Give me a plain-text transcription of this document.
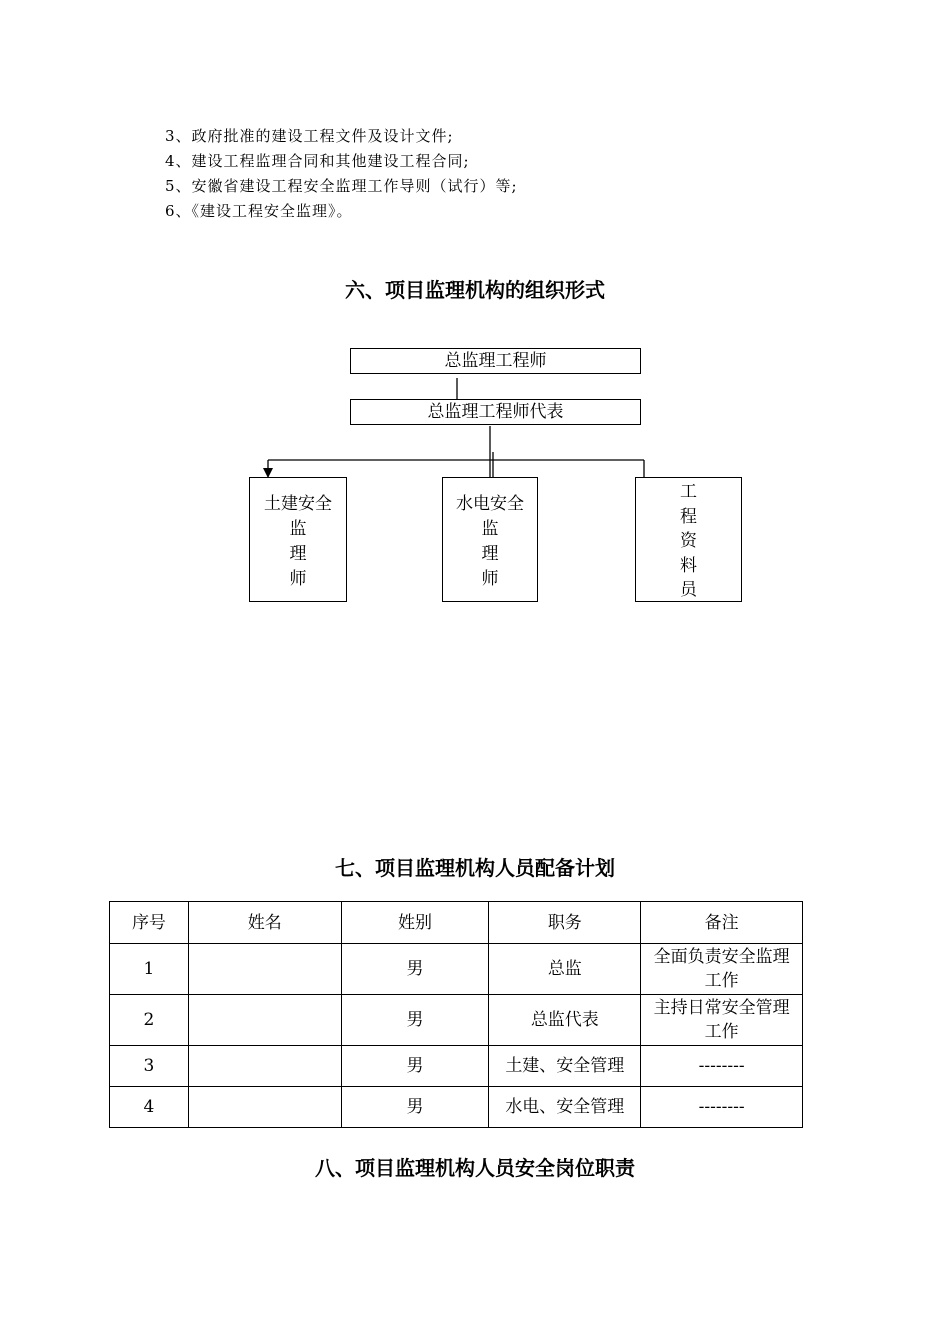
3、政府批准的建设工程文件及设计文件;
4、建设工程监理合同和其他建设工程合同;
5、安徽省建设工程安全监理工作导则（试行）等;
6、《建设工程安全监理》。
六、项目监理机构的组织形式
总监理工程师
总监理工程师代表
土建安全
监
理
师
水电安全
监
理
师
工
程
资
料
员
七、项目监理机构人员配备计划
序号	姓名	姓别	职务	备注
1		男	总监	全面负责安全监理工作
2		男	总监代表	主持日常安全管理工作
3		男	土建、安全管理	--------
4		男	水电、安全管理	--------
八、项目监理机构人员安全岗位职责
